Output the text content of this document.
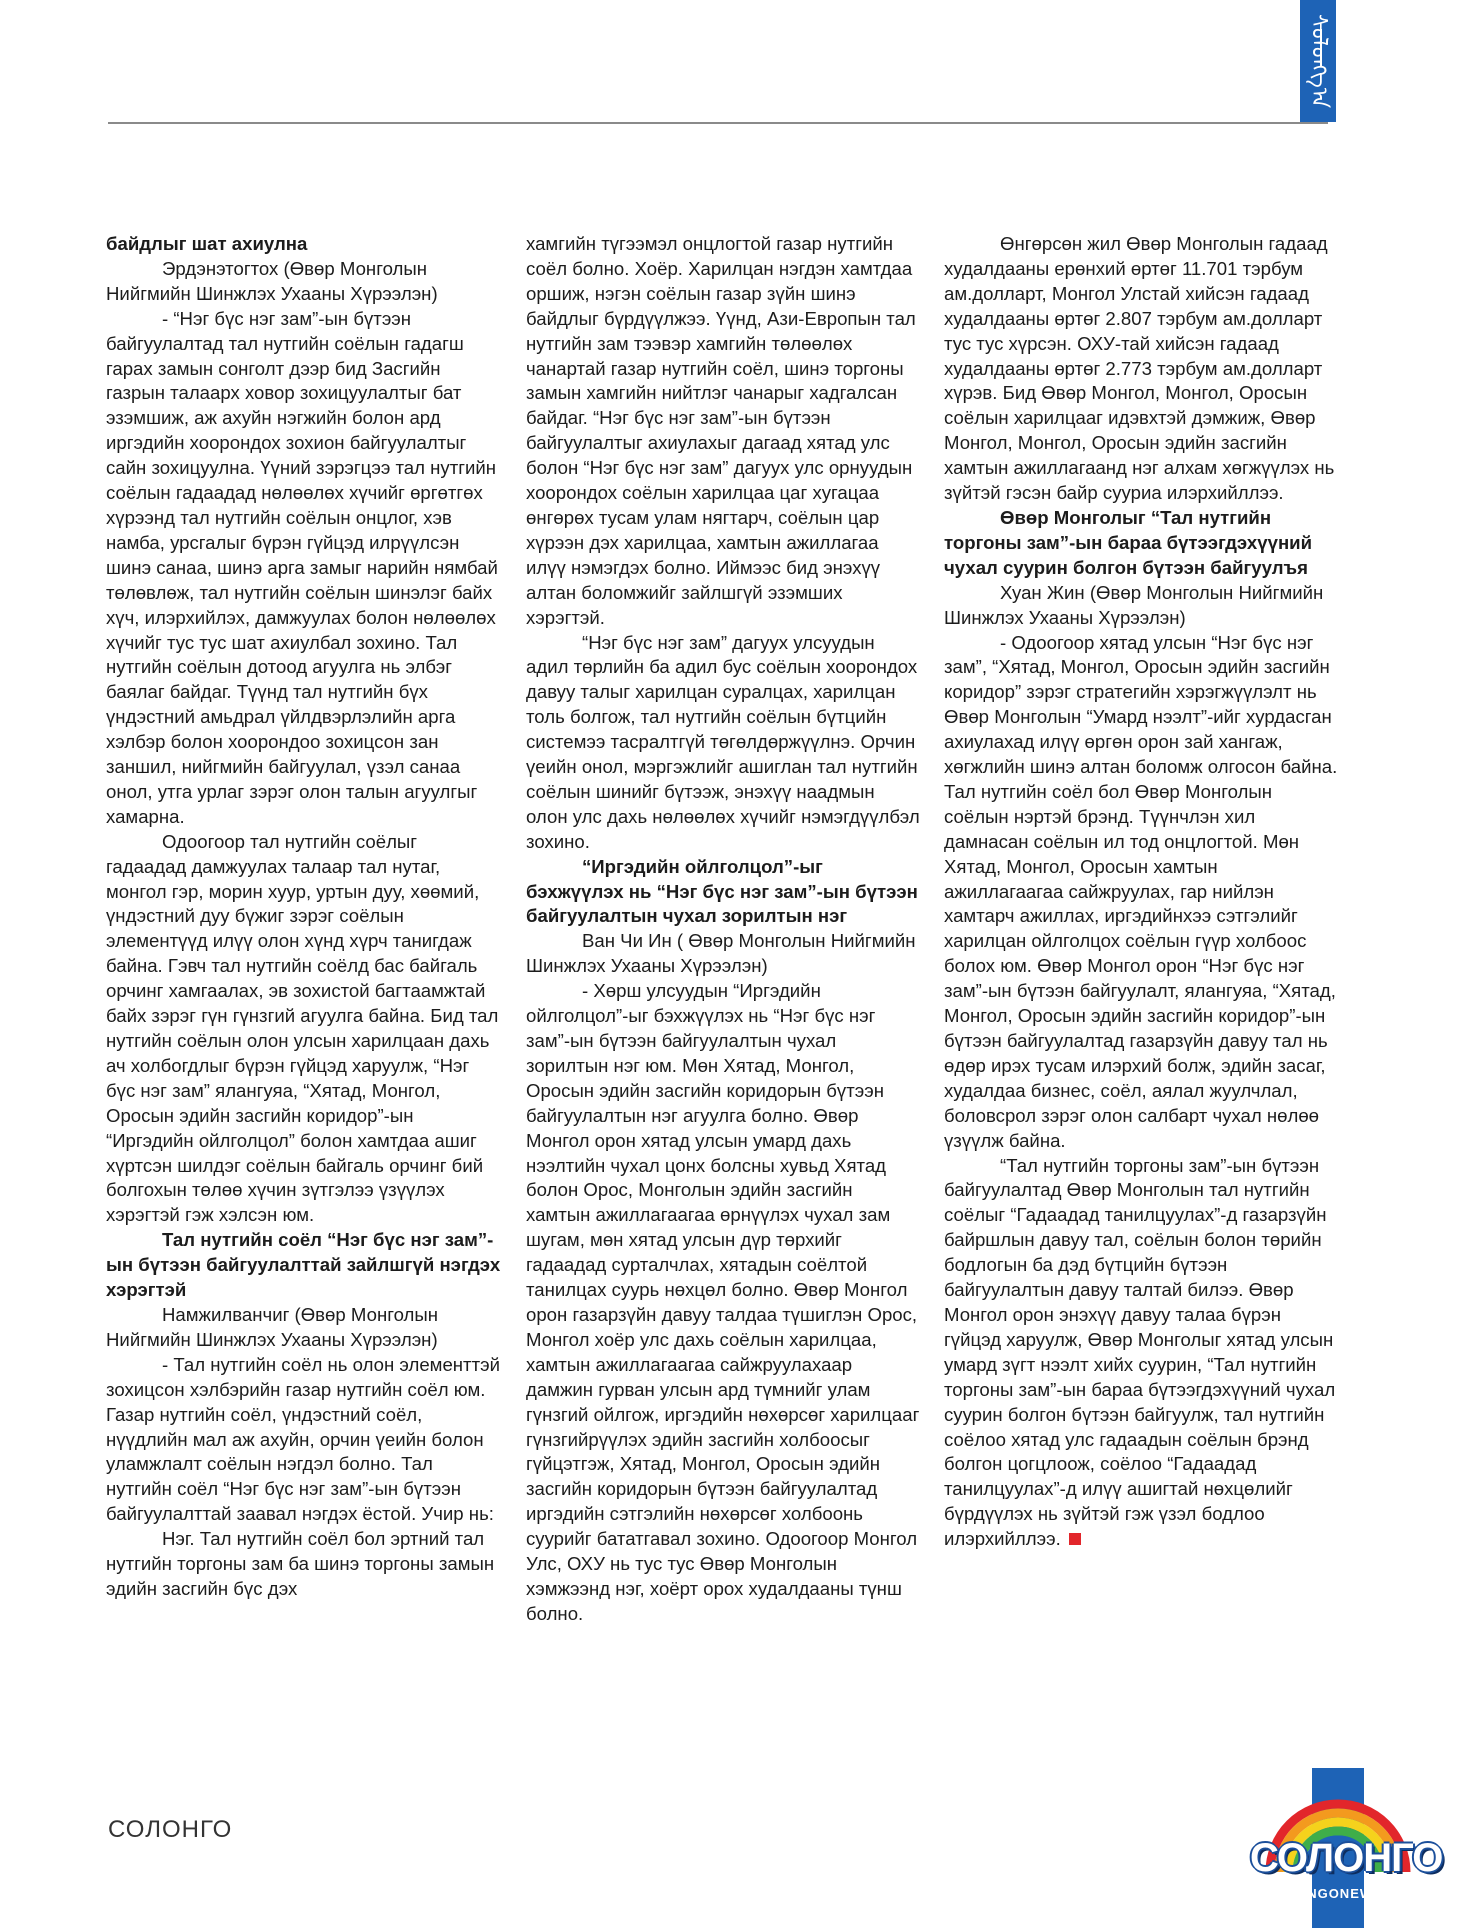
ᠰᠣᠯᠣᠩᠭ᠎ᠠ

байдлыг шат ахиулна

Эрдэнэтогтох (Өвөр Монголын Нийгмийн Шинжлэх Ухааны Хүрээлэн)

- “Нэг бүс нэг зам”-ын бүтээн байгуулалтад тал нутгийн соёлын гадагш гарах замын сонголт дээр бид Засгийн газрын талаарх ховор зохицуулалтыг бат эзэмшиж, аж ахуйн нэгжийн болон ард иргэдийн хоорондох зохион байгуулалтыг сайн зохицуулна. Үүний зэрэгцээ тал нутгийн соёлын гадаадад нөлөөлөх хүчийг өргөтгөх хүрээнд тал нутгийн соёлын онцлог, хэв намба, урсгалыг бүрэн гүйцэд илрүүлсэн шинэ санаа, шинэ арга замыг нарийн нямбай төлөвлөж, тал нутгийн соёлын шинэлэг байх хүч, илэрхийлэх, дамжуулах болон нөлөөлөх хүчийг тус тус шат ахиулбал зохино. Тал нутгийн соёлын дотоод агуулга нь элбэг баялаг байдаг. Түүнд тал нутгийн бүх үндэстний амьдрал үйлдвэрлэлийн арга хэлбэр болон хоорондоо зохицсон зан заншил, нийгмийн байгуулал, үзэл санаа онол, утга урлаг зэрэг олон талын агуулгыг хамарна.

Одоогоор тал нутгийн соёлыг гадаадад дамжуулах талаар тал нутаг, монгол гэр, морин хуур, уртын дуу, хөөмий, үндэстний дуу бүжиг зэрэг соёлын элементүүд илүү олон хүнд хүрч танигдаж байна. Гэвч тал нутгийн соёлд бас байгаль орчинг хамгаалах, эв зохистой багтаамжтай байх зэрэг гүн гүнзгий агуулга байна. Бид тал нутгийн соёлын олон улсын харилцаан дахь ач холбогдлыг бүрэн гүйцэд харуулж, “Нэг бүс нэг зам” ялангуяа, “Хятад, Монгол, Оросын эдийн засгийн коридор”-ын “Иргэдийн ойлголцол” болон хамтдаа ашиг хүртсэн шилдэг соёлын байгаль орчинг бий болгохын төлөө хүчин зүтгэлээ үзүүлэх хэрэгтэй гэж хэлсэн юм.

Тал нутгийн соёл “Нэг бүс нэг зам”-ын бүтээн байгуулалттай зайлшгүй нэгдэх хэрэгтэй

Намжилванчиг (Өвөр Монголын Нийгмийн Шинжлэх Ухааны Хүрээлэн)

- Тал нутгийн соёл нь олон элементтэй зохицсон хэлбэрийн газар нутгийн соёл юм. Газар нутгийн соёл, үндэстний соёл, нүүдлийн мал аж ахуйн, орчин үеийн болон уламжлалт соёлын нэгдэл болно. Тал нутгийн соёл “Нэг бүс нэг зам”-ын бүтээн байгуулалттай заавал нэгдэх ёстой. Учир нь:

Нэг. Тал нутгийн соёл бол эртний тал нутгийн торгоны зам ба шинэ торгоны замын эдийн засгийн бүс дэх

хамгийн түгээмэл онцлогтой газар нутгийн соёл болно. Хоёр. Харилцан нэгдэн хамтдаа оршиж, нэгэн соёлын газар зүйн шинэ байдлыг бүрдүүлжээ. Үүнд, Ази-Европын тал нутгийн зам тээвэр хамгийн төлөөлөх чанартай газар нутгийн соёл, шинэ торгоны замын хамгийн нийтлэг чанарыг хадгалсан байдаг. “Нэг бүс нэг зам”-ын бүтээн байгуулалтыг ахиулахыг дагаад хятад улс болон “Нэг бүс нэг зам” дагуух улс орнуудын хоорондох соёлын харилцаа цаг хугацаа өнгөрөх тусам улам нягтарч, соёлын цар хүрээн дэх харилцаа, хамтын ажиллагаа илүү нэмэгдэх болно. Иймээс бид энэхүү алтан боломжийг зайлшгүй эзэмших хэрэгтэй.

“Нэг бүс нэг зам” дагуух улсуудын адил төрлийн ба адил бус соёлын хоорондох давуу талыг харилцан суралцах, харилцан толь болгож, тал нутгийн соёлын бүтцийн системээ тасралтгүй төгөлдөржүүлнэ. Орчин үеийн онол, мэргэжлийг ашиглан тал нутгийн соёлын шинийг бүтээж, энэхүү наадмын олон улс дахь нөлөөлөх хүчийг нэмэгдүүлбэл зохино.

“Иргэдийн ойлголцол”-ыг бэхжүүлэх нь “Нэг бүс нэг зам”-ын бүтээн байгуулалтын чухал зорилтын нэг

Ван Чи Ин ( Өвөр Монголын Нийгмийн Шинжлэх Ухааны Хүрээлэн)

- Хөрш улсуудын “Иргэдийн ойлголцол”-ыг бэхжүүлэх нь “Нэг бүс нэг зам”-ын бүтээн байгуулалтын чухал зорилтын нэг юм. Мөн Хятад, Монгол, Оросын эдийн засгийн коридорын бүтээн байгуулалтын нэг агуулга болно. Өвөр Монгол орон хятад улсын умард дахь нээлтийн чухал цонх болсны хувьд Хятад болон Орос, Монголын эдийн засгийн хамтын ажиллагаагаа өрнүүлэх чухал зам шугам, мөн хятад улсын дүр төрхийг гадаадад сурталчлах, хятадын соёлтой танилцах суурь нөхцөл болно. Өвөр Монгол орон газарзүйн давуу талдаа түшиглэн Орос, Монгол хоёр улс дахь соёлын харилцаа, хамтын ажиллагаагаа сайжруулахаар дамжин гурван улсын ард түмнийг улам гүнзгий ойлгож, иргэдийн нөхөрсөг харилцааг гүнзгийрүүлэх эдийн засгийн холбоосыг гүйцэтгэж, Хятад, Монгол, Оросын эдийн засгийн коридорын бүтээн байгуулалтад иргэдийн сэтгэлийн нөхөрсөг холбоонь суурийг бататгавал зохино. Одоогоор Монгол Улс, ОХУ нь тус тус Өвөр Монголын хэмжээнд нэг, хоёрт орох худалдааны түнш болно.

Өнгөрсөн жил Өвөр Монголын гадаад худалдааны ерөнхий өртөг 11.701 тэрбум ам.долларт, Монгол Улстай хийсэн гадаад худалдааны өртөг 2.807 тэрбум ам.долларт тус тус хүрсэн. ОХУ-тай хийсэн гадаад худалдааны өртөг 2.773 тэрбум ам.долларт хүрэв. Бид Өвөр Монгол, Монгол, Оросын соёлын харилцааг идэвхтэй дэмжиж, Өвөр Монгол, Монгол, Оросын эдийн засгийн хамтын ажиллагаанд нэг алхам хөгжүүлэх нь зүйтэй гэсэн байр сууриа илэрхийллээ.

Өвөр Монголыг “Тал нутгийн торгоны зам”-ын бараа бүтээгдэхүүний чухал суурин болгон бүтээн байгуулъя

Хуан Жин (Өвөр Монголын Нийгмийн Шинжлэх Ухааны Хүрээлэн)

- Одоогоор хятад улсын “Нэг бүс нэг зам”, “Хятад, Монгол, Оросын эдийн засгийн коридор” зэрэг стратегийн хэрэгжүүлэлт нь Өвөр Монголын “Умард нээлт”-ийг хурдасган ахиулахад илүү өргөн орон зай хангаж, хөгжлийн шинэ алтан боломж олгосон байна. Тал нутгийн соёл бол Өвөр Монголын соёлын нэртэй брэнд. Түүнчлэн хил дамнасан соёлын ил тод онцлогтой. Мөн Хятад, Монгол, Оросын хамтын ажиллагаагаа сайжруулах, гар нийлэн хамтарч ажиллах, иргэдийнхээ сэтгэлийг харилцан ойлголцох соёлын гүүр холбоос болох юм. Өвөр Монгол орон “Нэг бүс нэг зам”-ын бүтээн байгуулалт, ялангуяа, “Хятад, Монгол, Оросын эдийн засгийн коридор”-ын бүтээн байгуулалтад газарзүйн давуу тал нь өдөр ирэх тусам илэрхий болж, эдийн засаг, худалдаа бизнес, соёл, аялал жуулчлал, боловсрол зэрэг олон салбарт чухал нөлөө үзүүлж байна.

“Тал нутгийн торгоны зам”-ын бүтээн байгуулалтад Өвөр Монголын тал нутгийн соёлыг “Гадаадад танилцуулах”-д газарзүйн байршлын давуу тал, соёлын болон төрийн бодлогын ба дэд бүтцийн бүтээн байгуулалтын давуу талтай билээ. Өвөр Монгол орон энэхүү давуу талаа бүрэн гүйцэд харуулж, Өвөр Монголыг хятад улсын умард зүгт нээлт хийх суурин, “Тал нутгийн торгоны зам”-ын бараа бүтээгдэхүүний чухал суурин болгон бүтээн байгуулж, тал нутгийн соёлоо хятад улс гадаадын соёлын брэнд болгон цогцлоож, соёлоо “Гадаадад танилцуулах”-д илүү ашигтай нөхцөлийг бүрдүүлэх нь зүйтэй гэж үзэл бодлоо илэрхийллээ.

СОЛОНГО
СОЛОНГО
SOLONGONEWS.MN
